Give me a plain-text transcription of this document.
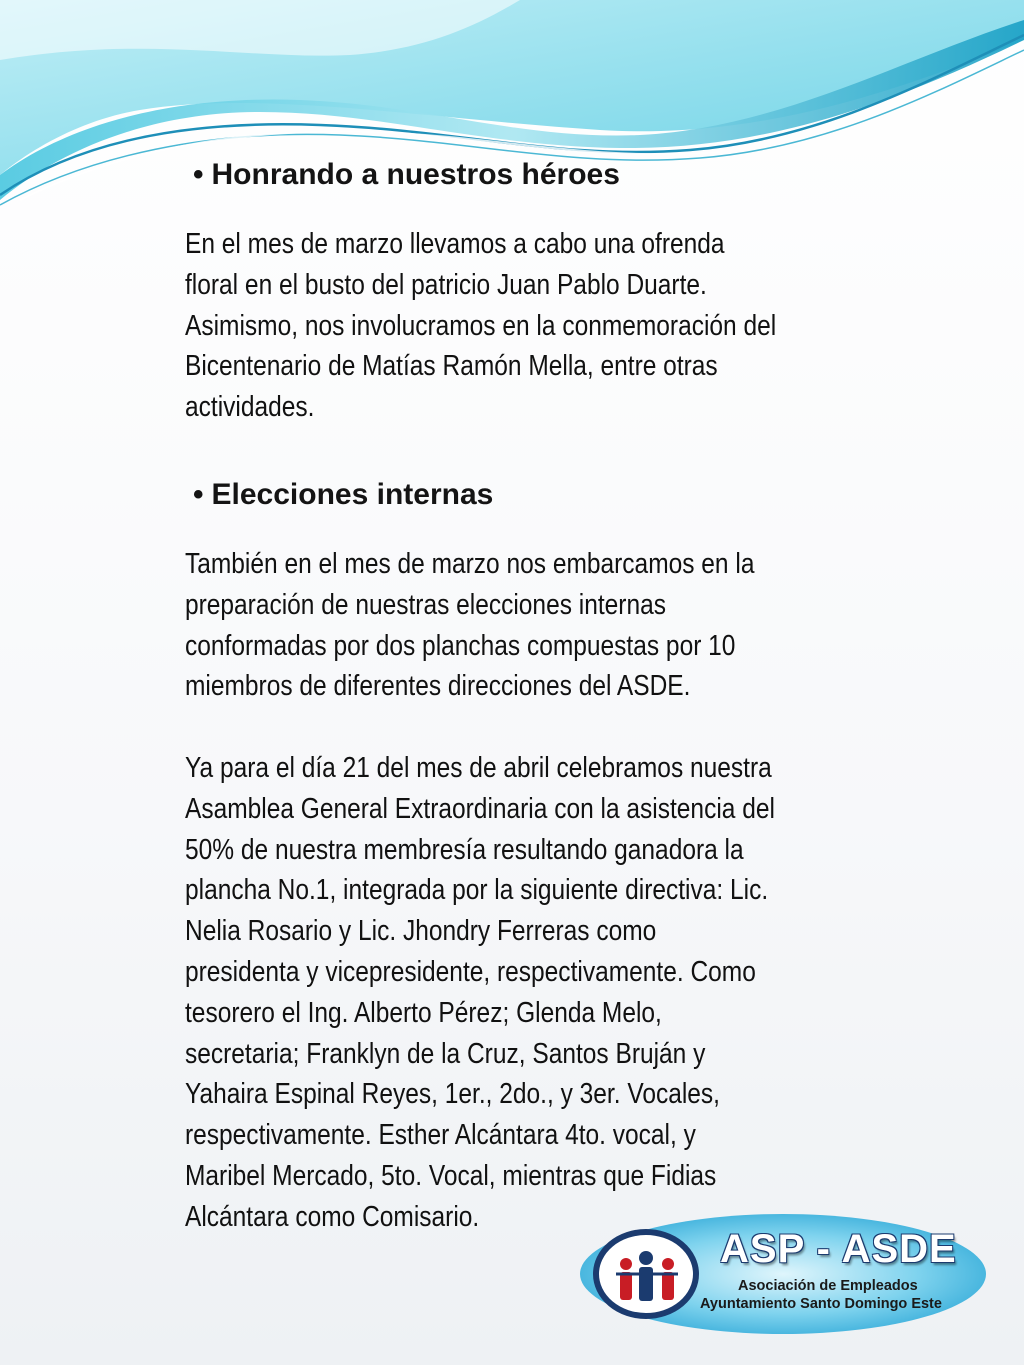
• Honrando a nuestros héroes
En el mes de marzo llevamos a cabo una ofrenda
floral en el busto del patricio Juan Pablo Duarte.
Asimismo, nos involucramos en la conmemoración del
Bicentenario de Matías Ramón Mella, entre otras
actividades.
• Elecciones internas
También en el mes de marzo nos embarcamos en la
preparación de nuestras elecciones internas
conformadas por dos planchas compuestas por 10
miembros de diferentes direcciones del ASDE.
Ya para el día 21 del mes de abril celebramos nuestra
Asamblea General Extraordinaria con la asistencia del
50% de nuestra membresía resultando ganadora la
plancha No.1, integrada por la siguiente directiva: Lic.
Nelia Rosario y Lic. Jhondry Ferreras como
presidenta y vicepresidente, respectivamente. Como
tesorero el Ing. Alberto Pérez; Glenda Melo,
secretaria; Franklyn de la Cruz, Santos Bruján y
Yahaira Espinal Reyes, 1er., 2do., y 3er. Vocales,
respectivamente. Esther Alcántara 4to. vocal, y
Maribel Mercado, 5to. Vocal, mientras que Fidias
Alcántara como Comisario.
ASP - ASDE
Asociación de Empleados
Ayuntamiento Santo Domingo Este
